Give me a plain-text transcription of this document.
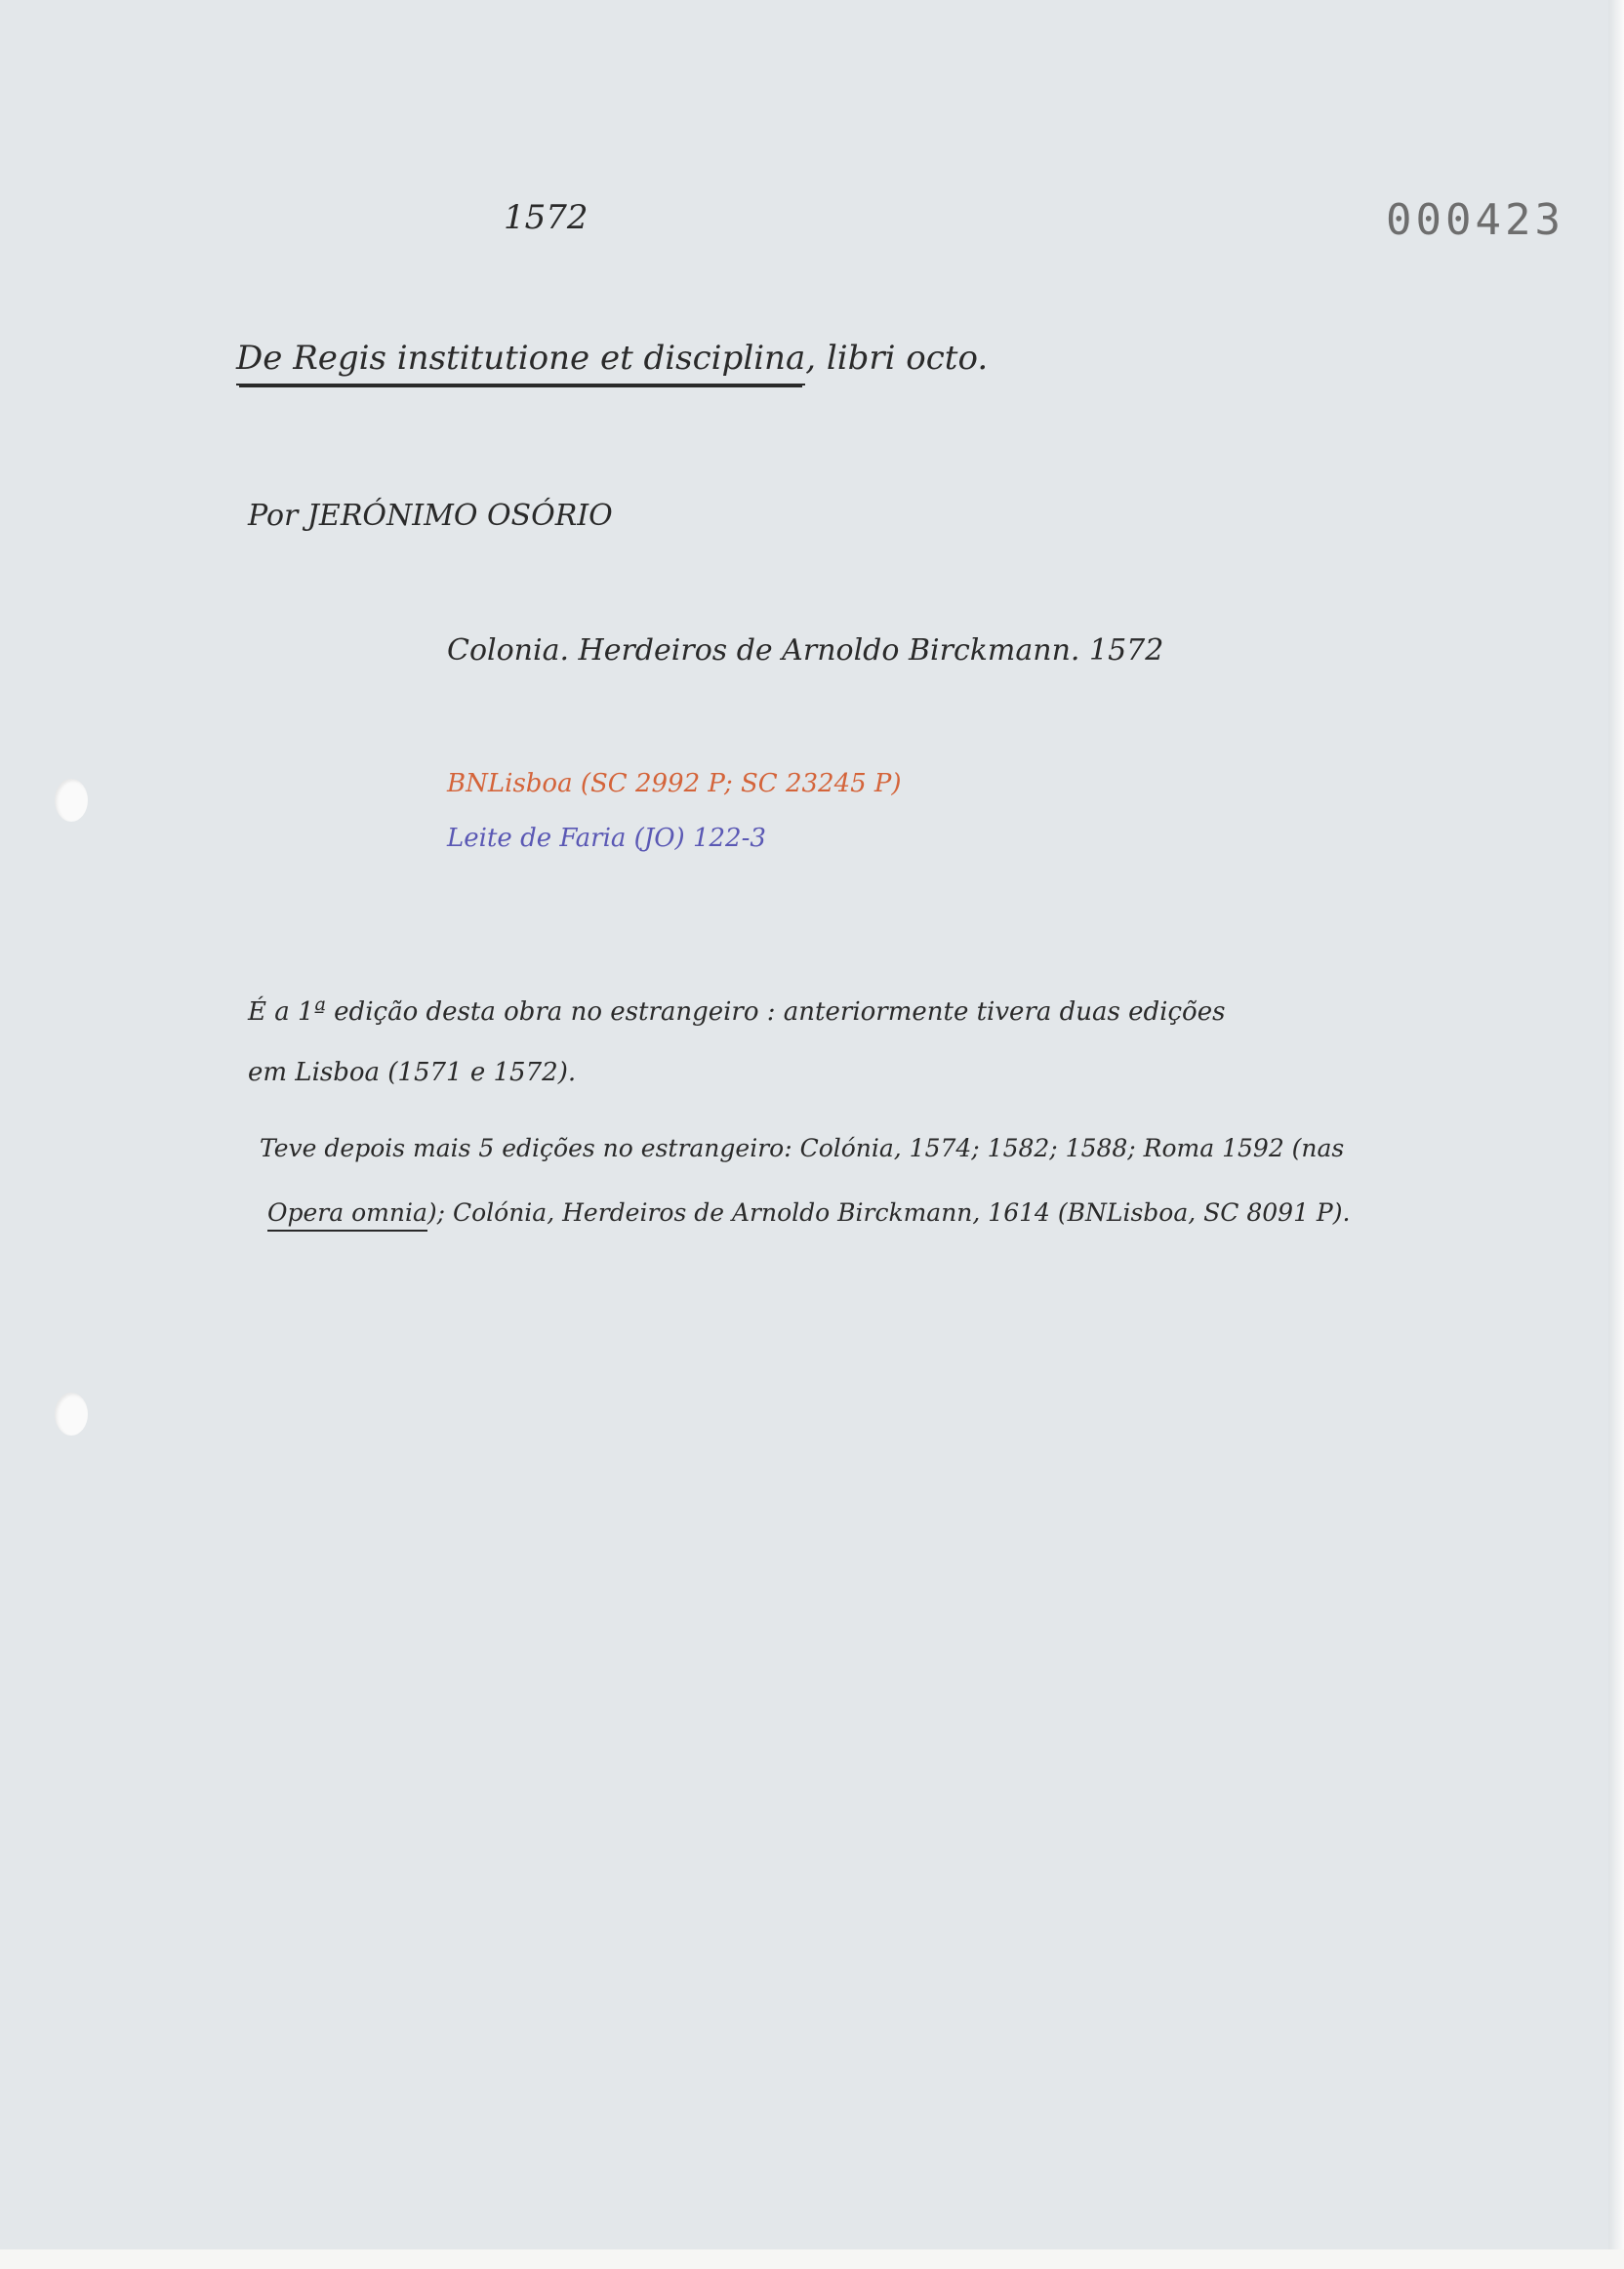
1572	000423
De Regis institutione et disciplina, libri octo.
Por JERÓNIMO OSÓRIO
Colonia. Herdeiros de Arnoldo Birckmann. 1572
BNLisboa (SC 2992 P; SC 23245 P)
Leite de Faria (JO) 122-3
É a 1ª edição desta obra no estrangeiro : anteriormente tivera duas edições
em Lisboa (1571 e 1572).
Teve depois mais 5 edições no estrangeiro: Colónia, 1574; 1582; 1588; Roma 1592 (nas
Opera omnia); Colónia, Herdeiros de Arnoldo Birckmann, 1614 (BNLisboa, SC 8091 P).
